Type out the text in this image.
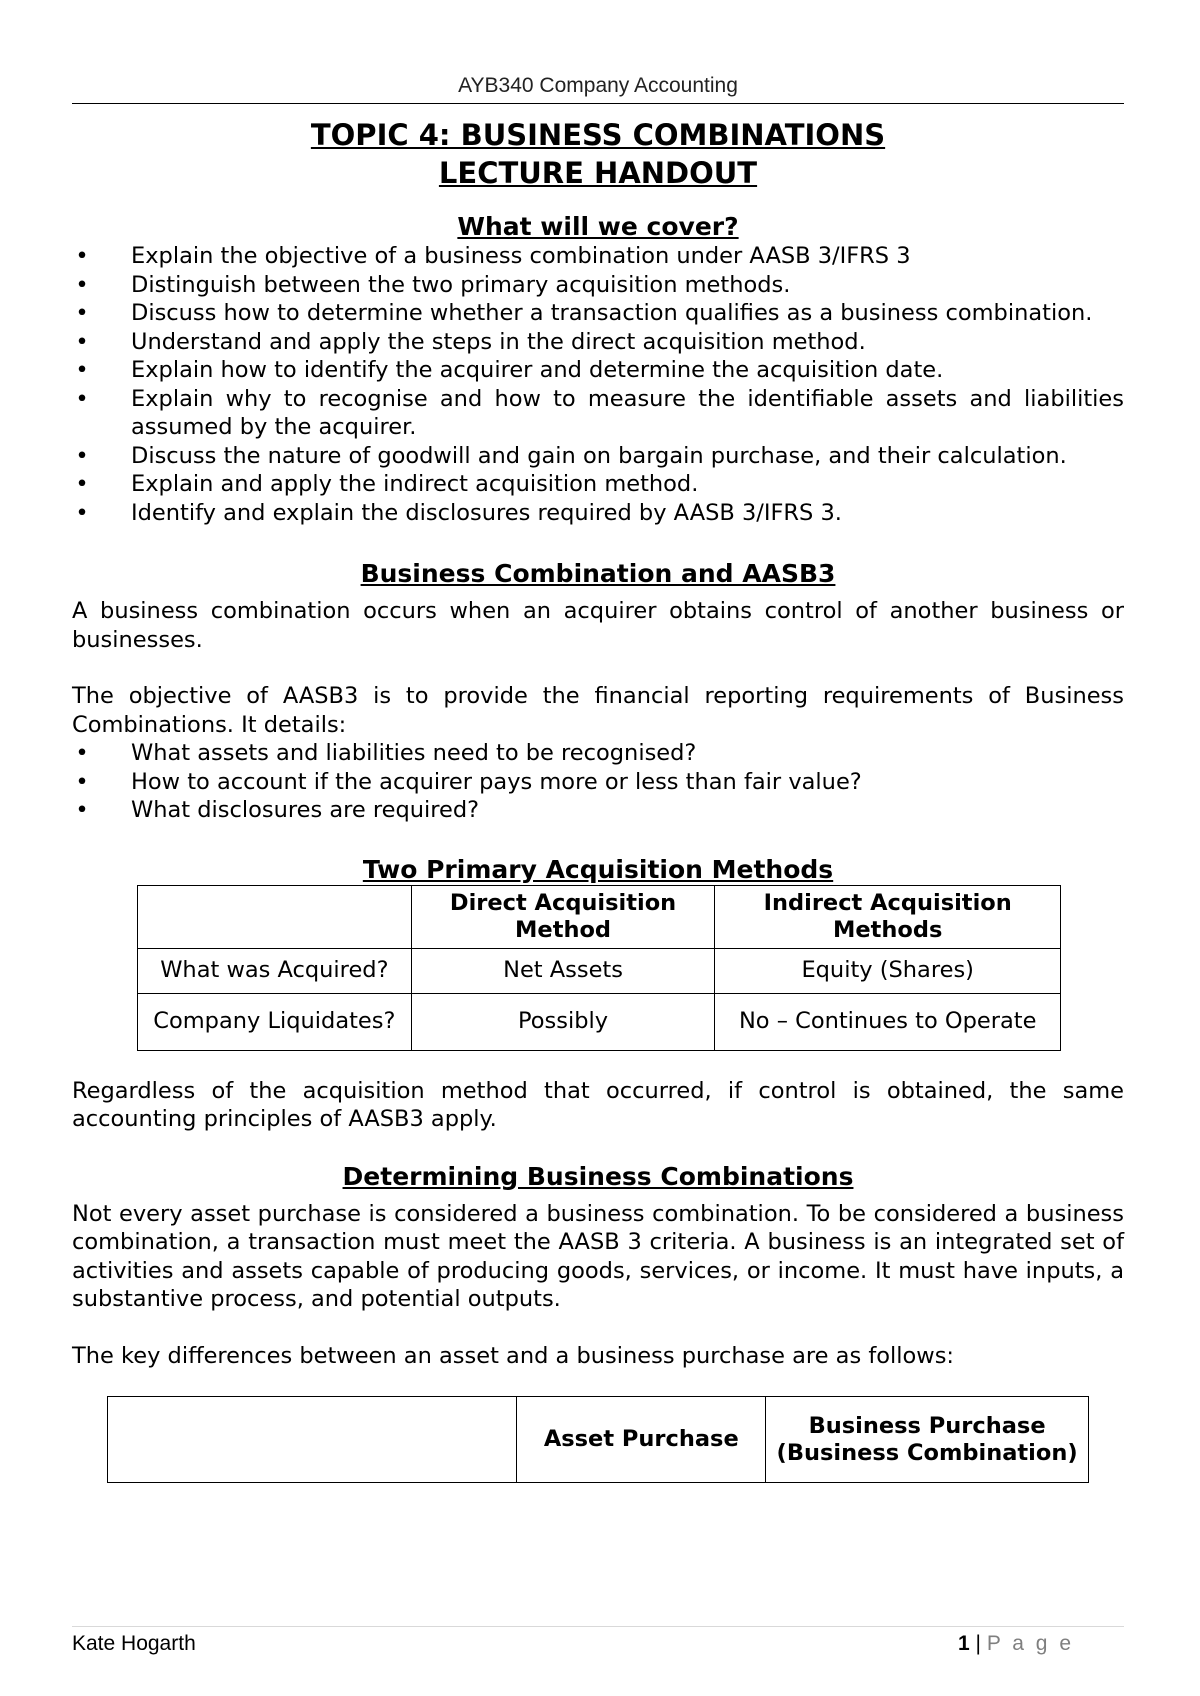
AYB340 Company Accounting
TOPIC 4: BUSINESS COMBINATIONS
LECTURE HANDOUT
What will we cover?
• Explain the objective of a business combination under AASB 3/IFRS 3
• Distinguish between the two primary acquisition methods.
• Discuss how to determine whether a transaction qualifies as a business combination.
• Understand and apply the steps in the direct acquisition method.
• Explain how to identify the acquirer and determine the acquisition date.
• Explain why to recognise and how to measure the identifiable assets and liabilities assumed by the acquirer.
• Discuss the nature of goodwill and gain on bargain purchase, and their calculation.
• Explain and apply the indirect acquisition method.
• Identify and explain the disclosures required by AASB 3/IFRS 3.
Business Combination and AASB3

A business combination occurs when an acquirer obtains control of another business or businesses.

The objective of AASB3 is to provide the financial reporting requirements of Business Combinations. It details:

• What assets and liabilities need to be recognised?
• How to account if the acquirer pays more or less than fair value?
• What disclosures are required?
Two Primary Acquisition Methods
	Direct Acquisition Method	Indirect Acquisition Methods
What was Acquired?	Net Assets	Equity (Shares)
Company Liquidates?	Possibly	No – Continues to Operate

Regardless of the acquisition method that occurred, if control is obtained, the same accounting principles of AASB3 apply.

Determining Business Combinations

Not every asset purchase is considered a business combination. To be considered a business combination, a transaction must meet the AASB 3 criteria. A business is an integrated set of activities and assets capable of producing goods, services, or income. It must have inputs, a substantive process, and potential outputs.

The key differences between an asset and a business purchase are as follows:

	Asset Purchase	Business Purchase (Business Combination)
Kate Hogarth	1 | P a g e
